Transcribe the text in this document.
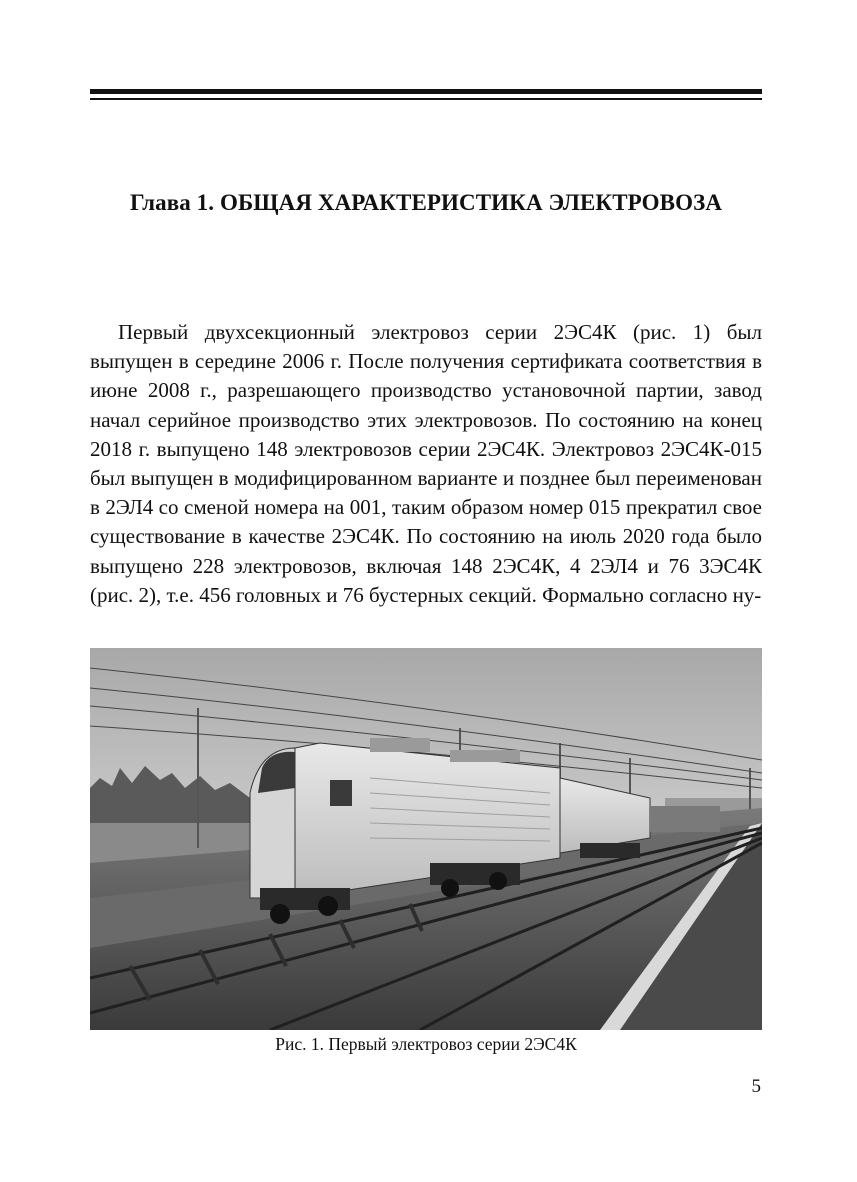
Глава 1. ОБЩАЯ ХАРАКТЕРИСТИКА ЭЛЕКТРОВОЗА

Первый двухсекционный электровоз серии 2ЭС4К (рис. 1) был выпущен в середине 2006 г. После получения сертификата соответствия в июне 2008 г., разрешающего производство установочной партии, завод начал серийное производство этих электровозов. По состоянию на конец 2018 г. выпущено 148 электровозов серии 2ЭС4К. Электровоз 2ЭС4К-015 был выпущен в модифицированном варианте и позднее был переименован в 2ЭЛ4 со сменой номера на 001, таким образом номер 015 прекратил свое существование в качестве 2ЭС4К. По состоянию на июль 2020 года было выпущено 228 электровозов, включая 148 2ЭС4К, 4 2ЭЛ4 и 76 3ЭС4К (рис. 2), т.е. 456 головных и 76 бустерных секций. Формально согласно ну-

Рис. 1. Первый электровоз серии 2ЭС4К
5
